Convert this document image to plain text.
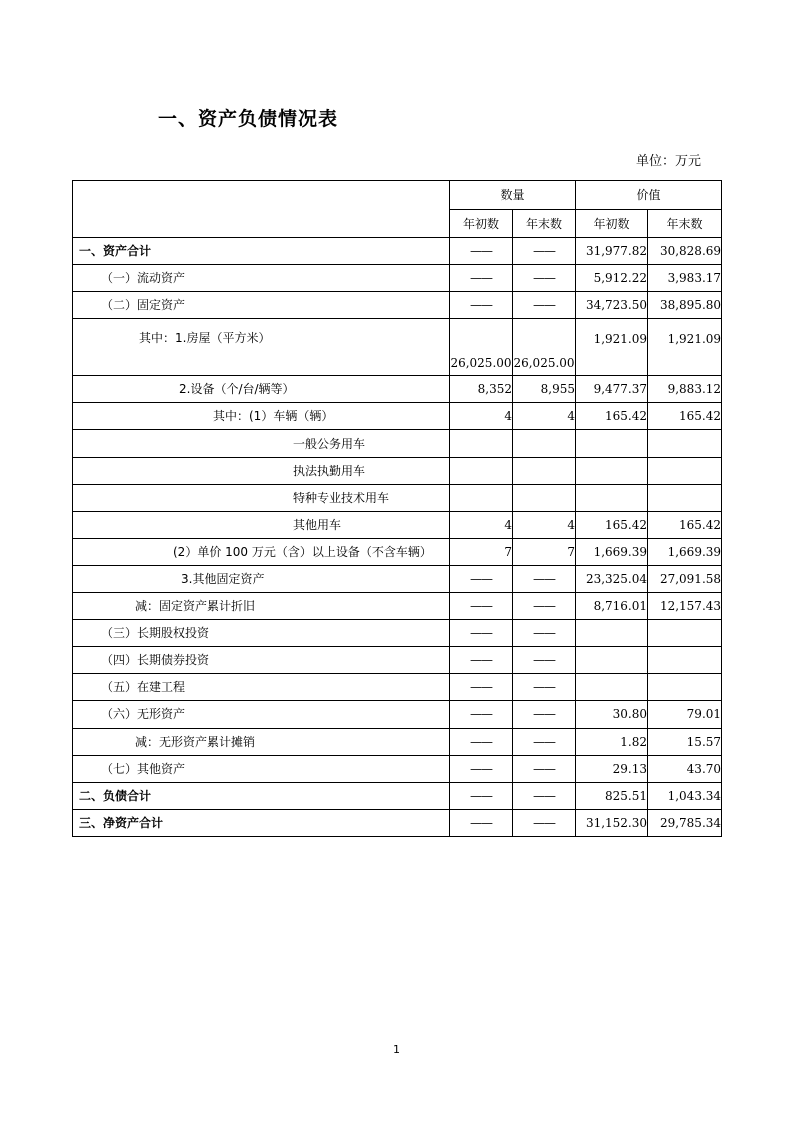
一、资产负债情况表
单位：万元
	数量		价值	
	年初数	年末数	年初数	年末数
一、资产合计	——	——	31,977.82	30,828.69
（一）流动资产	——	——	5,912.22	3,983.17
（二）固定资产	——	——	34,723.50	38,895.80
其中：1.房屋（平方米）	26,025.00	26,025.00	1,921.09	1,921.09
2.设备（个/台/辆等）	8,352	8,955	9,477.37	9,883.12
其中：(1）车辆（辆）	4	4	165.42	165.42
一般公务用车				
执法执勤用车				
特种专业技术用车				
其他用车	4	4	165.42	165.42
(2）单价 100 万元（含）以上设备（不含车辆）	7	7	1,669.39	1,669.39
3.其他固定资产	——	——	23,325.04	27,091.58
减：固定资产累计折旧	——	——	8,716.01	12,157.43
（三）长期股权投资	——	——		
（四）长期债券投资	——	——		
（五）在建工程	——	——		
（六）无形资产	——	——	30.80	79.01
减：无形资产累计摊销	——	——	1.82	15.57
（七）其他资产	——	——	29.13	43.70
二、负债合计	——	——	825.51	1,043.34
三、净资产合计	——	——	31,152.30	29,785.34
1
